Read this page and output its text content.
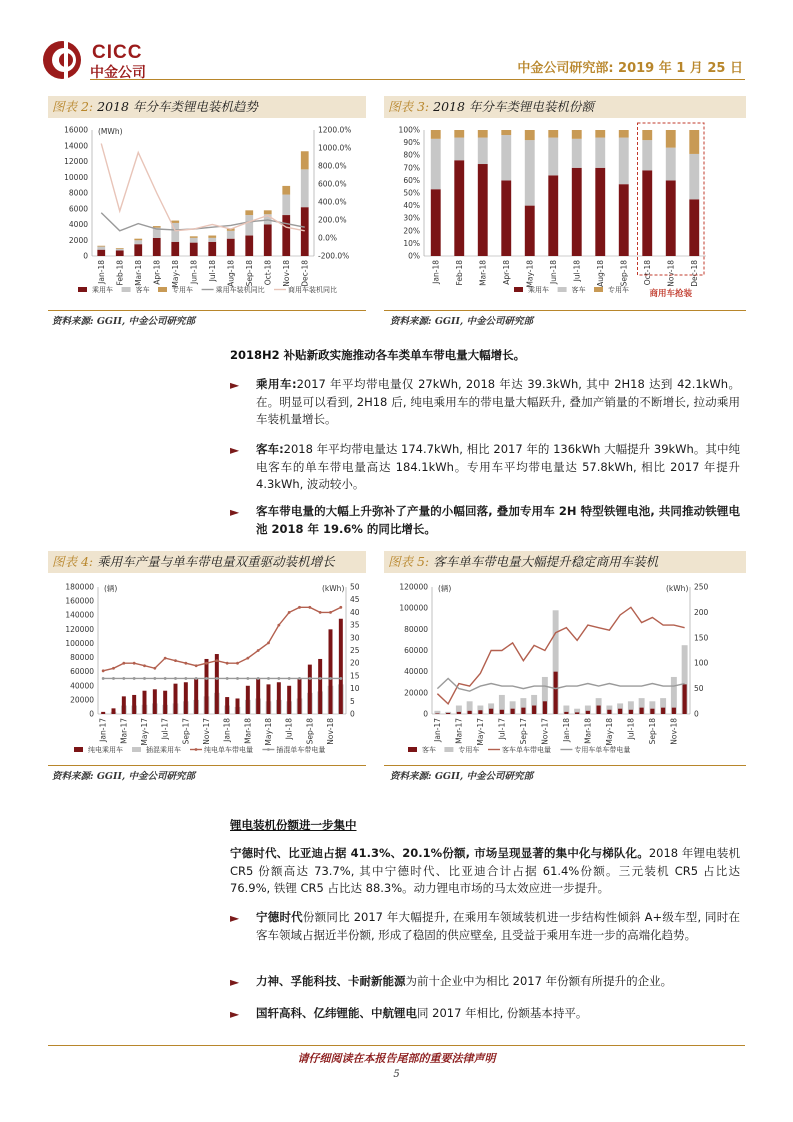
CICC
中金公司	中金公司研究部: 2019 年 1 月 25 日
图表 2: 2018 年分车类锂电装机趋势
0
2000
4000
6000
8000
10000
12000
14000
16000 (MWh)
-200.0%
0.0%
200.0%
400.0%
600.0%
800.0%
1000.0%
1200.0%
Jan-18 Feb-18 Mar-18 Apr-18 May-18 Jun-18 Jul-18 Aug-18 Sep-18 Oct-18 Nov-18 Dec-18
乘用车	客车	专用车	乘用车装机同比	商用车装机同比
资料来源: GGII, 中金公司研究部
图表 3: 2018 年分车类锂电装机份额
0%
10%
20%
30%
40%
50%
60%
70%
80%
90%
100%
Jan-18 Feb-18 Mar-18 Apr-18 May-18 Jun-18 Jul-18 Aug-18 Sep-18 Oct-18 Nov-18 Dec-18
乘用车	客车	专用车 商用车抢装
资料来源: GGII, 中金公司研究部
2018H2 补贴新政实施推动各车类单车带电量大幅增长。
► 乘用车:2017 年平均带电量仅 27kWh, 2018 年达 39.3kWh, 其中 2H18 达到 42.1kWh。在。明显可以看到, 2H18 后, 纯电乘用车的带电量大幅跃升, 叠加产销量的不断增长, 拉动乘用车装机量增长。
► 客车:2018 年平均带电量达 174.7kWh, 相比 2017 年的 136kWh 大幅提升 39kWh。其中纯电客车的单车带电量高达 184.1kWh。专用车平均带电量达 57.8kWh, 相比 2017 年提升 4.3kWh, 波动较小。
► 客车带电量的大幅上升弥补了产量的小幅回落, 叠加专用车 2H 特型铁锂电池, 共同推动铁锂电池 2018 年 19.6% 的同比增长。
图表 4: 乘用车产量与单车带电量双重驱动装机增长
0
20000
40000
60000
80000
100000
120000
140000
160000
180000 (辆)
0
5
10
15
20
25
30
35
40
45
50
(kWh)
Jan-17 Mar-17 May-17 Jul-17 Sep-17 Nov-17 Jan-18 Mar-18 May-18 Jul-18 Sep-18 Nov-18
纯电乘用车	插混乘用车	纯电单车带电量	插混单车带电量
资料来源: GGII, 中金公司研究部
图表 5: 客车单车带电量大幅提升稳定商用车装机
0
20000
40000
60000
80000
100000
120000 (辆)
0
50
100
150
200
250
(kWh)
Jan-17 Mar-17 May-17 Jul-17 Sep-17 Nov-17 Jan-18 Mar-18 May-18 Jul-18 Sep-18 Nov-18
客车	专用车	客车单车带电量	专用车单车带电量
资料来源: GGII, 中金公司研究部
锂电装机份额进一步集中
宁德时代、比亚迪占据 41.3%、20.1%份额, 市场呈现显著的集中化与梯队化。2018 年锂电装机 CR5 份额高达 73.7%, 其中宁德时代、比亚迪合计占据 61.4%份额。三元装机 CR5 占比达 76.9%, 铁锂 CR5 占比达 88.3%。动力锂电市场的马太效应进一步提升。
► 宁德时代份额同比 2017 年大幅提升, 在乘用车领域装机进一步结构性倾斜 A+级车型, 同时在客车领域占据近半份额, 形成了稳固的供应壁垒, 且受益于乘用车进一步的高端化趋势。
► 力神、孚能科技、卡耐新能源为前十企业中为相比 2017 年份额有所提升的企业。
► 国轩高科、亿纬锂能、中航锂电同 2017 年相比, 份额基本持平。
请仔细阅读在本报告尾部的重要法律声明
5
